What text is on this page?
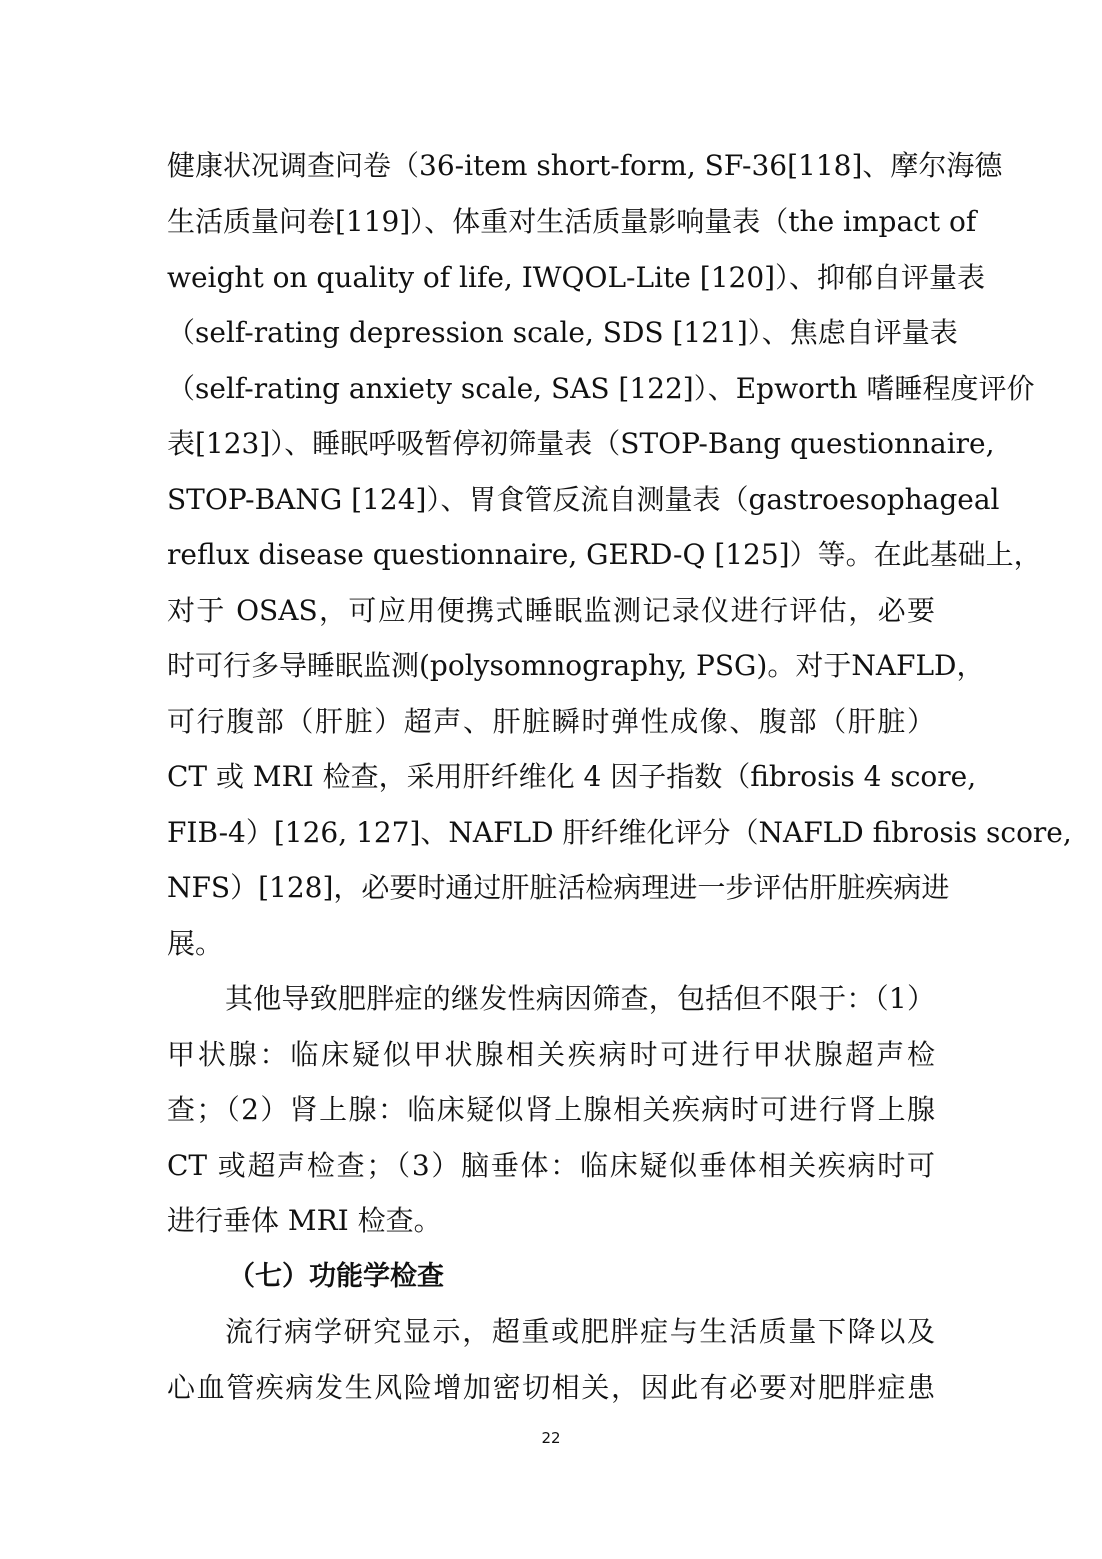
健康状况调查问卷（36-item short-form, SF-36[118]、摩尔海德
生活质量问卷[119]）、体重对生活质量影响量表（the impact of
weight on quality of life, IWQOL-Lite [120]）、抑郁自评量表
（self-rating depression scale, SDS [121]）、焦虑自评量表
（self-rating anxiety scale, SAS [122]）、Epworth 嗜睡程度评价
表[123]）、睡眠呼吸暂停初筛量表（STOP-Bang questionnaire,
STOP-BANG [124]）、胃食管反流自测量表（gastroesophageal
reflux disease questionnaire, GERD-Q [125]）等。在此基础上，
对于 OSAS，可应用便携式睡眠监测记录仪进行评估，必要
时可行多导睡眠监测(polysomnography, PSG)。对于NAFLD，
可行腹部（肝脏）超声、肝脏瞬时弹性成像、腹部（肝脏）
CT 或 MRI 检查，采用肝纤维化 4 因子指数（fibrosis 4 score,
FIB-4）[126, 127]、NAFLD 肝纤维化评分（NAFLD fibrosis score,
NFS）[128]，必要时通过肝脏活检病理进一步评估肝脏疾病进
展。
其他导致肥胖症的继发性病因筛查，包括但不限于：（1）
甲状腺：临床疑似甲状腺相关疾病时可进行甲状腺超声检
查；（2）肾上腺：临床疑似肾上腺相关疾病时可进行肾上腺
CT 或超声检查；（3）脑垂体：临床疑似垂体相关疾病时可
进行垂体 MRI 检查。
（七）功能学检查
流行病学研究显示，超重或肥胖症与生活质量下降以及
心血管疾病发生风险增加密切相关，因此有必要对肥胖症患
22
